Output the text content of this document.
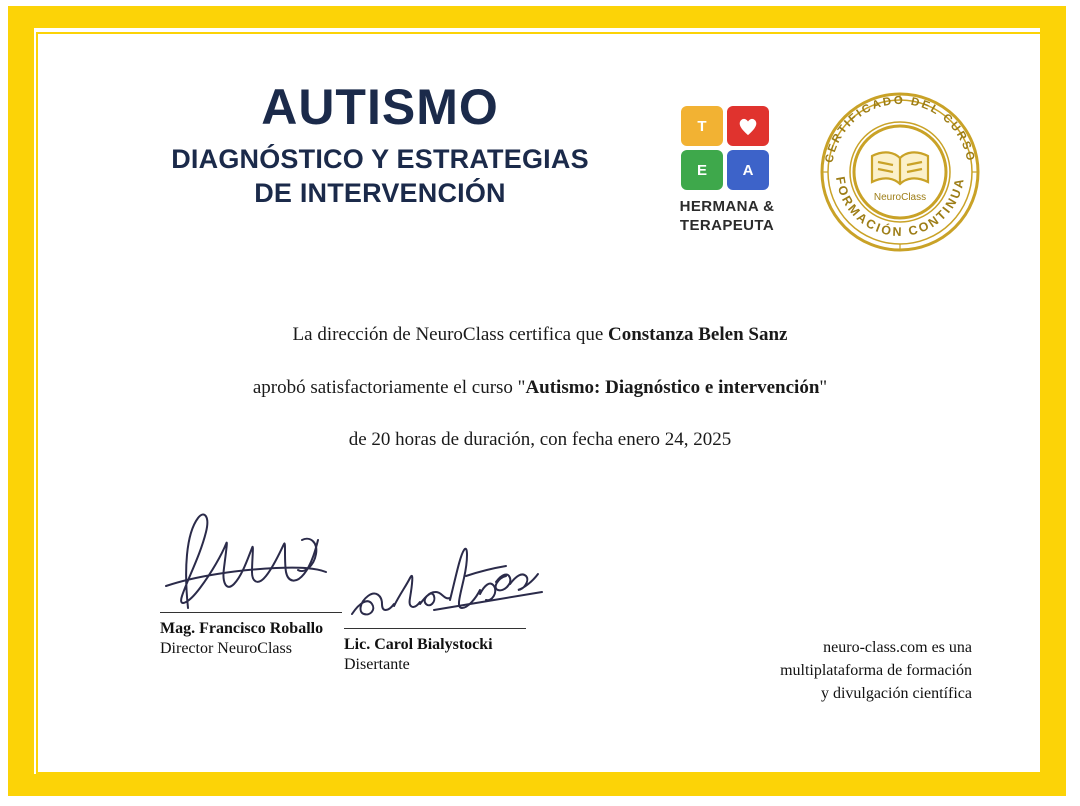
AUTISMO
DIAGNÓSTICO Y ESTRATEGIAS
DE INTERVENCIÓN
T
E	A
HERMANA &
TERAPEUTA
CERTIFICADO DEL CURSO
FORMACIÓN CONTINUA
NeuroClass
La dirección de NeuroClass certifica que Constanza Belen Sanz
aprobó satisfactoriamente el curso "Autismo: Diagnóstico e intervención"
de 20 horas de duración, con fecha enero 24, 2025
Mag. Francisco Roballo
Director NeuroClass	Lic. Carol Bialystocki
Disertante
neuro-class.com es una
multiplataforma de formación
y divulgación científica
